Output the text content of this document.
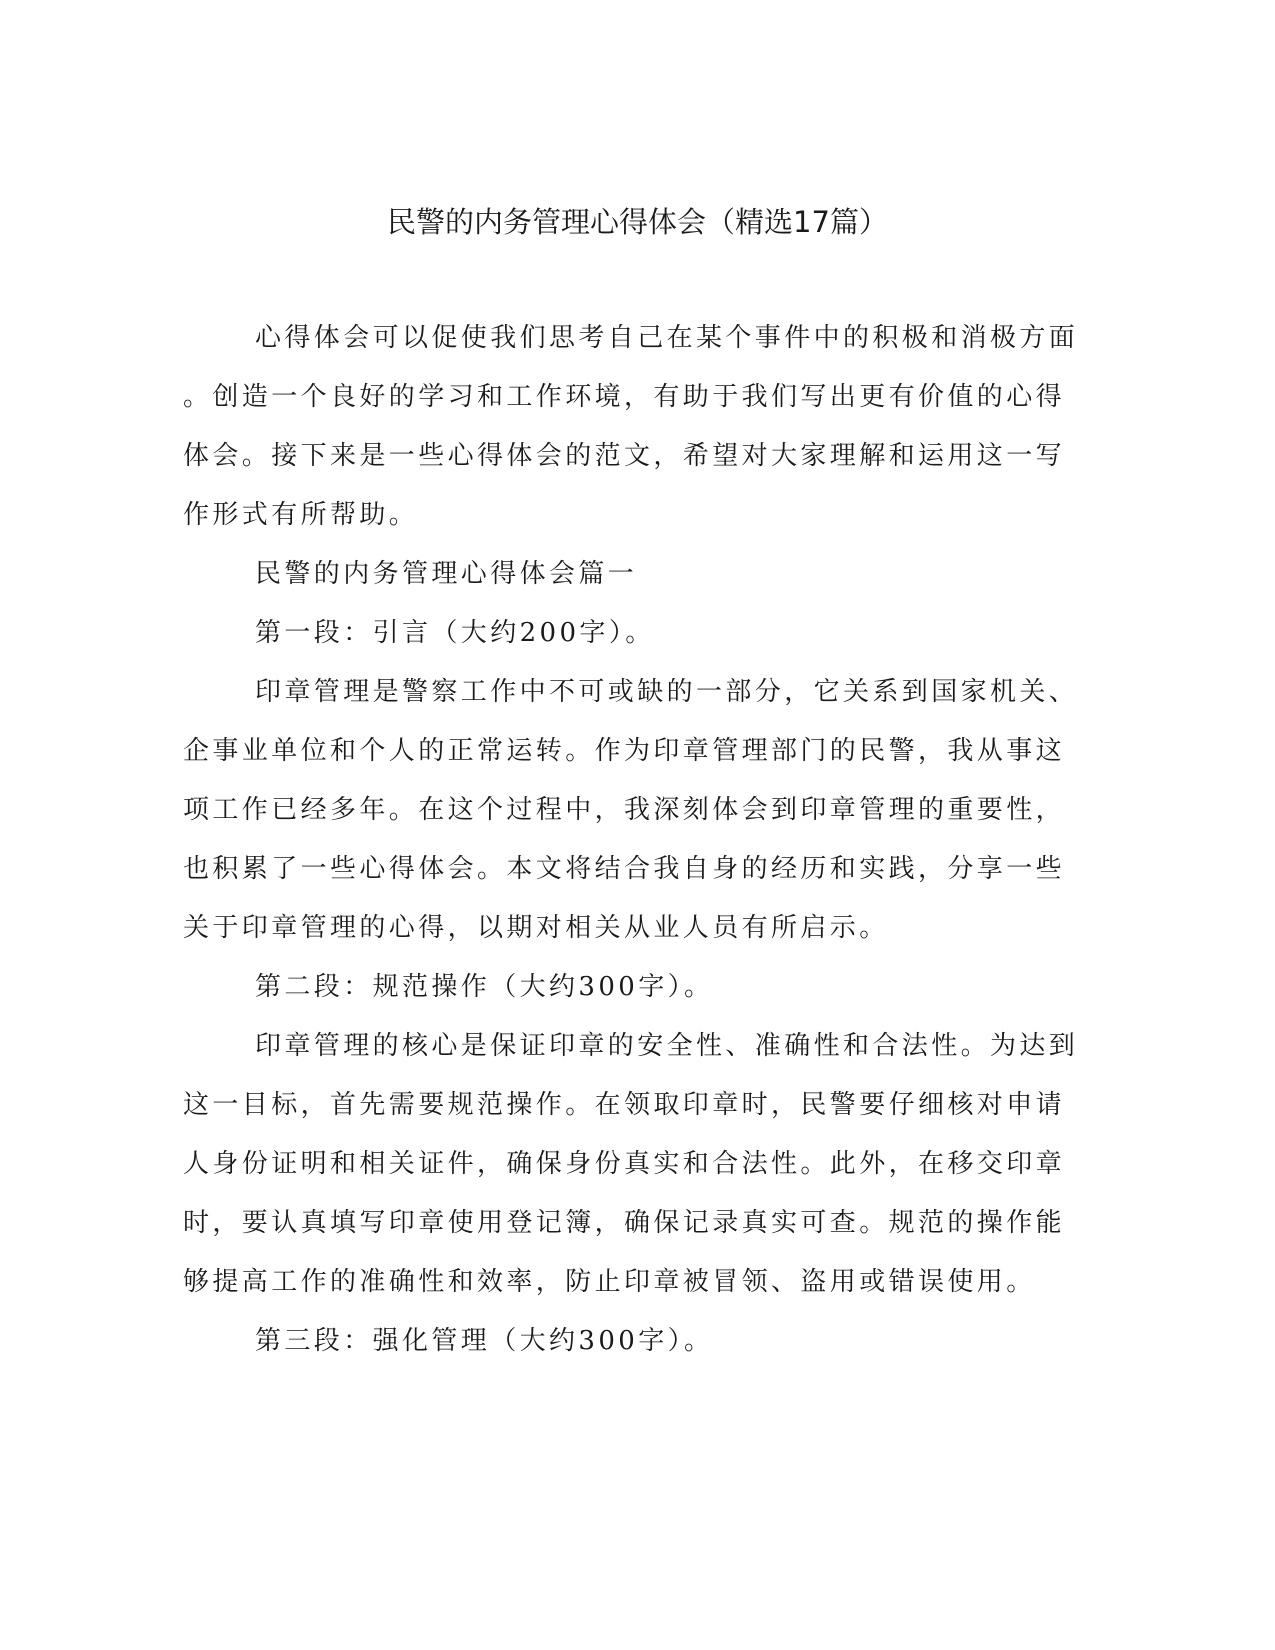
民警的内务管理心得体会（精选17篇）

心得体会可以促使我们思考自己在某个事件中的积极和消极方面

。创造一个良好的学习和工作环境，有助于我们写出更有价值的心得

体会。接下来是一些心得体会的范文，希望对大家理解和运用这一写

作形式有所帮助。

民警的内务管理心得体会篇一

第一段：引言（大约200字）。

印章管理是警察工作中不可或缺的一部分，它关系到国家机关、

企事业单位和个人的正常运转。作为印章管理部门的民警，我从事这

项工作已经多年。在这个过程中，我深刻体会到印章管理的重要性，

也积累了一些心得体会。本文将结合我自身的经历和实践，分享一些

关于印章管理的心得，以期对相关从业人员有所启示。

第二段：规范操作（大约300字）。

印章管理的核心是保证印章的安全性、准确性和合法性。为达到

这一目标，首先需要规范操作。在领取印章时，民警要仔细核对申请

人身份证明和相关证件，确保身份真实和合法性。此外，在移交印章

时，要认真填写印章使用登记簿，确保记录真实可查。规范的操作能

够提高工作的准确性和效率，防止印章被冒领、盗用或错误使用。

第三段：强化管理（大约300字）。
